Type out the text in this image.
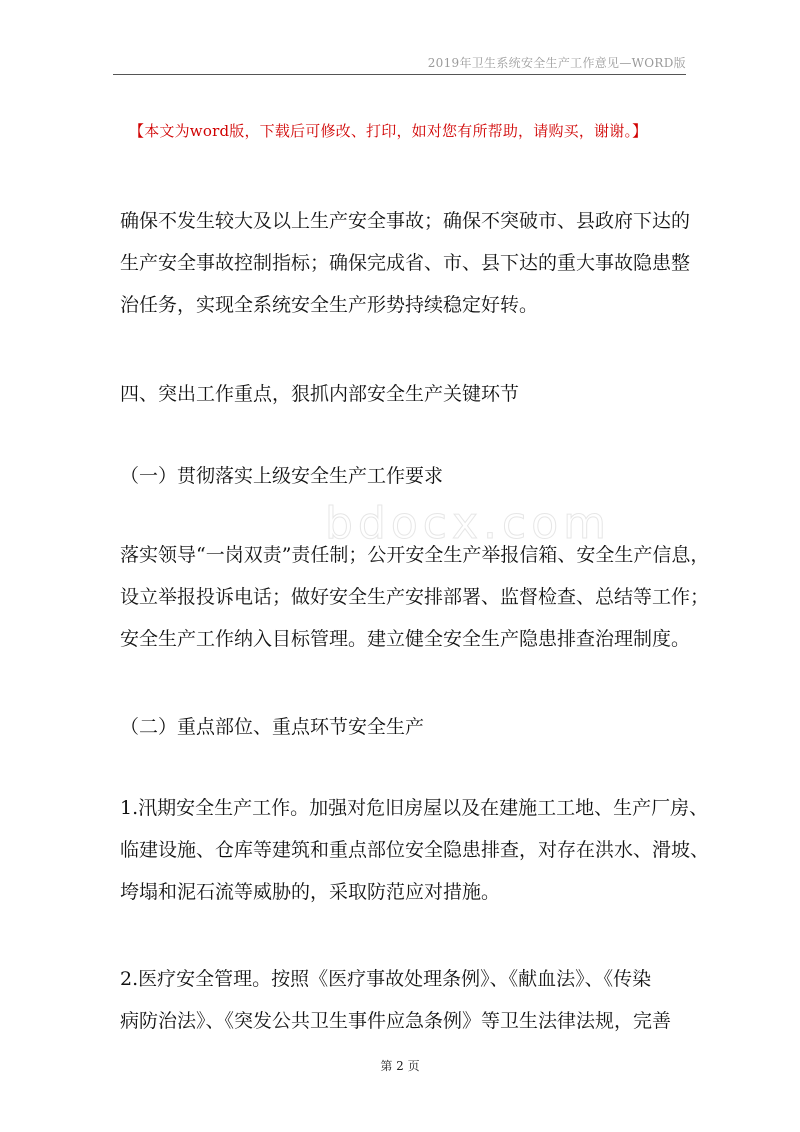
2019年卫生系统安全生产工作意见—WORD版
【本文为word版，下载后可修改、打印，如对您有所帮助，请购买，谢谢。】
bdocx.com
确保不发生较大及以上生产安全事故；确保不突破市、县政府下达的
生产安全事故控制指标；确保完成省、市、县下达的重大事故隐患整
治任务，实现全系统安全生产形势持续稳定好转。
四、突出工作重点，狠抓内部安全生产关键环节
（一）贯彻落实上级安全生产工作要求
落实领导“一岗双责”责任制；公开安全生产举报信箱、安全生产信息，
设立举报投诉电话；做好安全生产安排部署、监督检查、总结等工作；
安全生产工作纳入目标管理。建立健全安全生产隐患排查治理制度。
（二）重点部位、重点环节安全生产
1.汛期安全生产工作。加强对危旧房屋以及在建施工工地、生产厂房、
临建设施、仓库等建筑和重点部位安全隐患排查，对存在洪水、滑坡、
垮塌和泥石流等威胁的，采取防范应对措施。
2.医疗安全管理。按照《医疗事故处理条例》、《献血法》、《传染
病防治法》、《突发公共卫生事件应急条例》等卫生法律法规，完善
第 2 页
